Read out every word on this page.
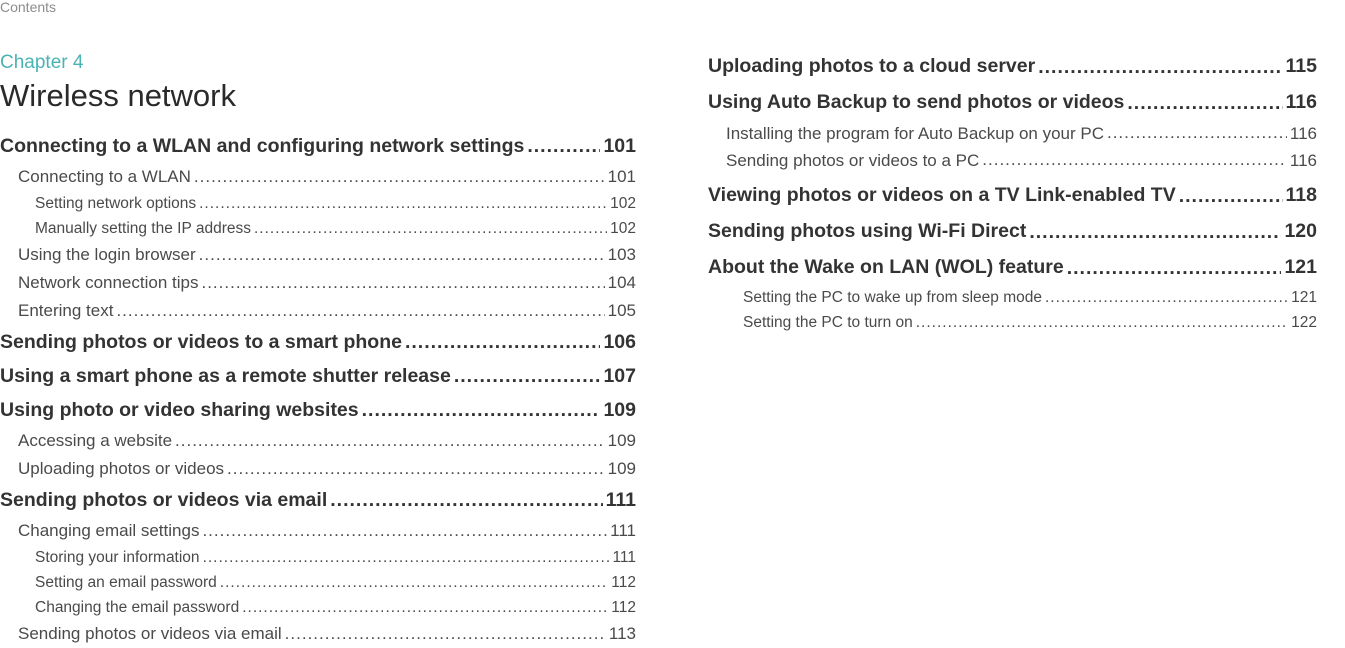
Contents
Chapter 4
Wireless network
Connecting to a WLAN and configuring network settings .....	101
Connecting to a WLAN .....	101
Setting network options .....	102
Manually setting the IP address .....	102
Using the login browser .....	103
Network connection tips .....	104
Entering text .....	105
Sending photos or videos to a smart phone .....	106
Using a smart phone as a remote shutter release .....	107
Using photo or video sharing websites .....	109
Accessing a website .....	109
Uploading photos or videos .....	109
Sending photos or videos via email .....	111
Changing email settings .....	111
Storing your information .....	111
Setting an email password .....	112
Changing the email password .....	112
Sending photos or videos via email .....	113
Uploading photos to a cloud server .....	115
Using Auto Backup to send photos or videos .....	116
Installing the program for Auto Backup on your PC .....	116
Sending photos or videos to a PC .....	116
Viewing photos or videos on a TV Link-enabled TV .....	118
Sending photos using Wi-Fi Direct .....	120
About the Wake on LAN (WOL) feature .....	121
Setting the PC to wake up from sleep mode .....	121
Setting the PC to turn on .....	122
